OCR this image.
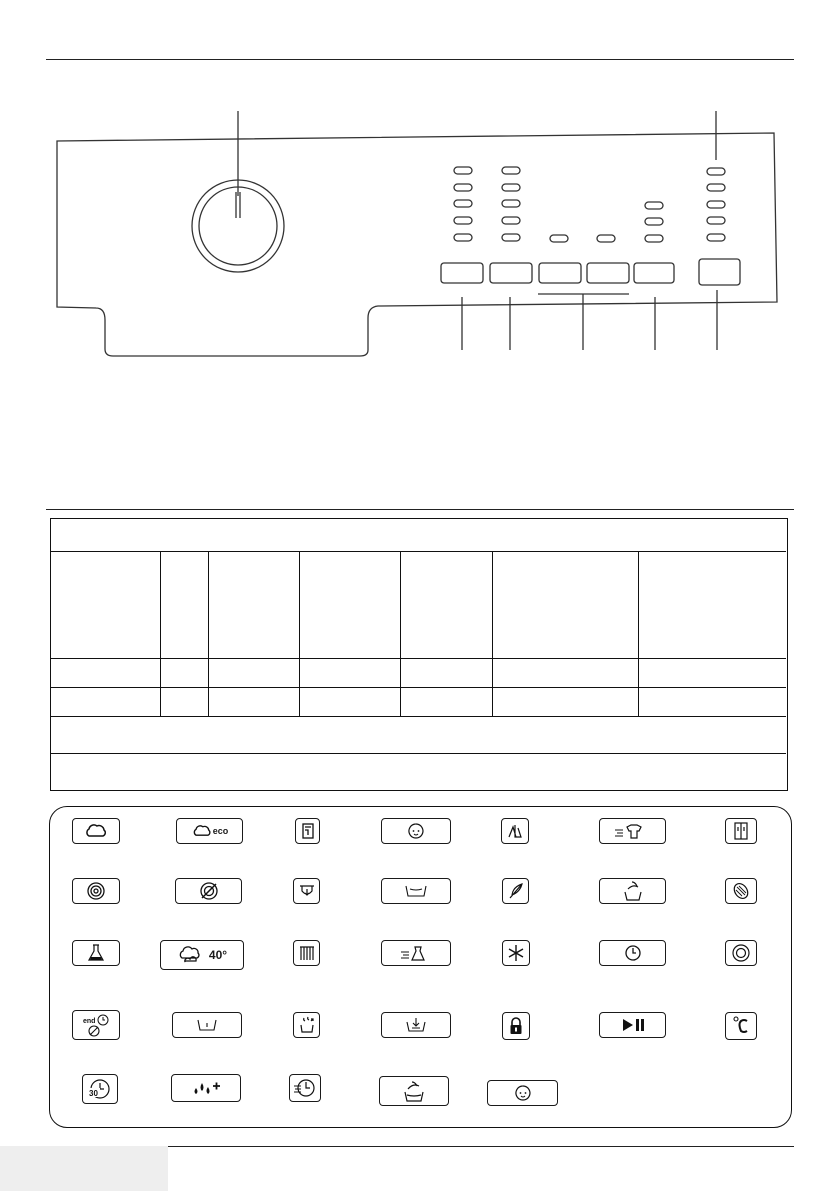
eco
40°
end
30
